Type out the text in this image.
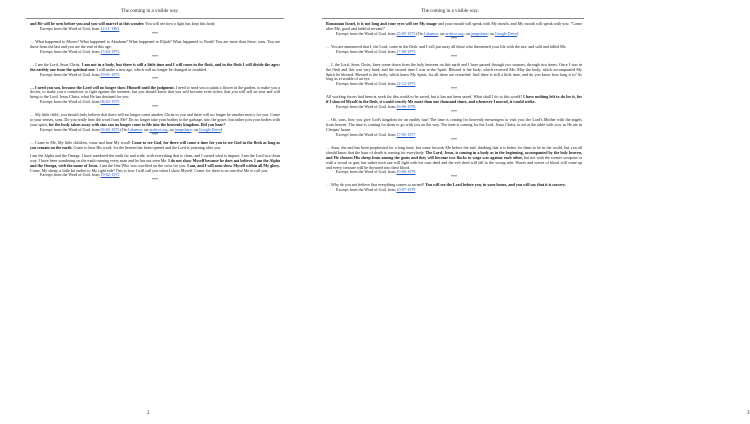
The coming in a visible way.

and He will be seen before you and you will marvel at this wonder. You will see how a light has kept this body.

Excerpt from the Word of God, from 12-11-1965

***

… What happened to Moses? What happened to Abraham? What happened to Elijah? What happened to Noah? You are more than these, sons. You are those from the last and you are the end of this age.

Excerpt from the Word of God, from 15-04-1973

***

… I am the Lord, Jesus Christ. I am not in a body, but there is still a little time and I will come in the flesh, and in the flesh I will divide the ages: the earthly one from the spiritual one. I will make a new age, which will no longer be changed or troubled.

Excerpt from the Word of God, from 19-01-1975

***

… I need you son, because the Lord will no longer show Himself until the judgment. I need to send you to plant a flower in the garden, to make you a doctor, to make you a contractor to fight against the torment, but you should know that you will become even richer, that you will sell on seas and will bring to the Lord, Jesus Christ, what He has destined for you.

Excerpt from the Word of God, from 06-02-1975

***

… My little child, you should truly believe that there will no longer come another Christ to you and there will no longer be another mercy for you. Come to your senses, sons. Do you really hear the word from Me? Do no longer take your bodies to the garbage, into the grave, but rather join your bodies with your spirit, for the body taken away with sins can no longer come to life into the heavenly kingdom. Did you hear?

Excerpt from the Word of God, from 03-02-1975 (On Calameo: on archive.org, on jumpshare; on Google Drive)

***

… Come to Me, My little children, come and hear My word! Come to see God, for there will come a time for you to see God in the flesh as long as you remain on the earth. Come to hear His word, for the heaven has been opened and the Lord is yearning after you.

I am the Alpha and the Omega. I have wandered the earth far and wide, with everything that is clean, and I cursed what is impure. I am the Lord in a clean way. I have been wandering on the earth running every man and he has not seen Me. I do not show Myself because he does not believe. I am the Alpha and the Omega, with the name of Jesus. I am the One Who was crucified on the cross for you. I am, and I will soon show Myself within all My glory. Come, My sheep, a little bit earlier to My right side! This is how I will call you when I show Myself. Come, for there is no one else Me to call you.

Excerpt from the Word of God, from 19-02-1975

***

2
The coming in a visible way.

Romanian Israel, it is not long and your eyes will see My image and your mouth will speak with My mouth, and My mouth will speak with you: "Come after Me, good and faithful servant!"

Excerpt from the Word of God, from 25-05-1975 (On Calameo; on archive.org; on jumpshare; on Google Drive)

***

… You are announced that I, the Lord, come in the flesh, and I will put away all those who threatened your life with the axe, and sold and killed Me.

Excerpt from the Word of God, from 17-08-1975

***

… I, the Lord, Jesus Christ, have come down from the holy heavens on this earth and I have passed through two seasons, through two times. Once I was in the flesh and this was very hard; and the second time I was in the Spirit. Blessed is the body, which received Me: May the body, which accompanied My Spirit be blessed. Blessed is the body, which knew My Spirit, for all these are rewarded. And there is still a little time, and do you know how long it is? As long as a twinkle of an eye.

Excerpt from the Word of God, from 22-12-1975

***

All working forces had been at work for this world to be saved, but it has not been saved. What shall I do to this world? I have nothing left to do for it, for if I showed Myself in the flesh, it would crucify Me more than one thousand times, and whenever I moved, it would strike.

Excerpt from the Word of God, from 16-06-1976

***

… Oh, sons, how you give God's kingdom for an earthly lust! The time is coming for heavenly messengers to visit you: the Lord's Mother with the angels from heaven. The time is coming for them to go with you on the way. The time is coming for the Lord, Jesus Christ, to eat at the table with you, as He ate in Cleopas' house.

Excerpt from the Word of God, from 17-05-1977

***

… Sons, the end has been prophesied for a long time, but some forsook Me before the end, thinking that it is better for them to be in the world, but you all should know that the hour of death is coming for everybody. The Lord, Jesus, is coming in a body as in the beginning, accompanied by the holy heaven, and He chooses His sheep from among the goats and they will become two flocks to wage war against each other, but not with the former weapons or with a sword or gun, but rather each one will fight with his own deed and the evil deed will fall to the wrong side. Waves and waves of blood will come up and every creature will be drowned into their blood.

Excerpt from the Word of God, from 19-06-1978

***

… Why do you not believe that everything comes to an end? You will see the Lord before you, in your house, and you will say that it is sorcery.

Excerpt from the Word of God, from 10-07-1979

3
